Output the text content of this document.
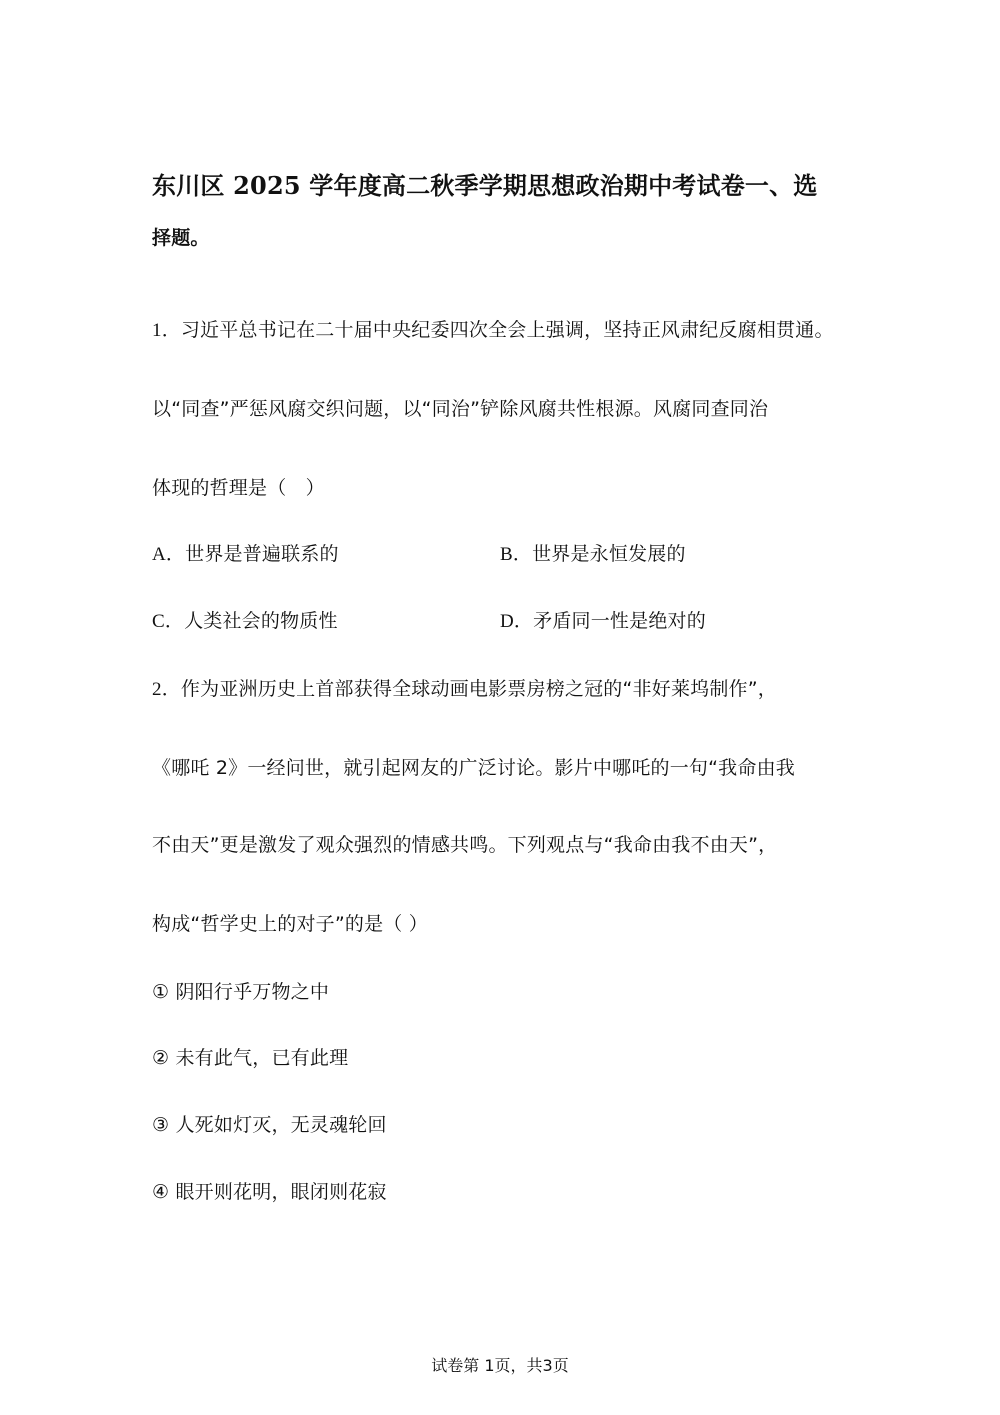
东川区 2025 学年度高二秋季学期思想政治期中考试卷一、选
择题。
1．习近平总书记在二十届中央纪委四次全会上强调，坚持正风肃纪反腐相贯通。
以“同查”严惩风腐交织问题，以“同治”铲除风腐共性根源。风腐同查同治
体现的哲理是（　）
A．世界是普遍联系的	B．世界是永恒发展的
C．人类社会的物质性	D．矛盾同一性是绝对的
2．作为亚洲历史上首部获得全球动画电影票房榜之冠的“非好莱坞制作”，
《哪吒 2》一经问世，就引起网友的广泛讨论。影片中哪吒的一句“我命由我
不由天”更是激发了观众强烈的情感共鸣。下列观点与“我命由我不由天”，
构成“哲学史上的对子”的是（ ）
① 阴阳行乎万物之中
② 未有此气，已有此理
③ 人死如灯灭，无灵魂轮回
④ 眼开则花明，眼闭则花寂
试卷第 1页，共3页
